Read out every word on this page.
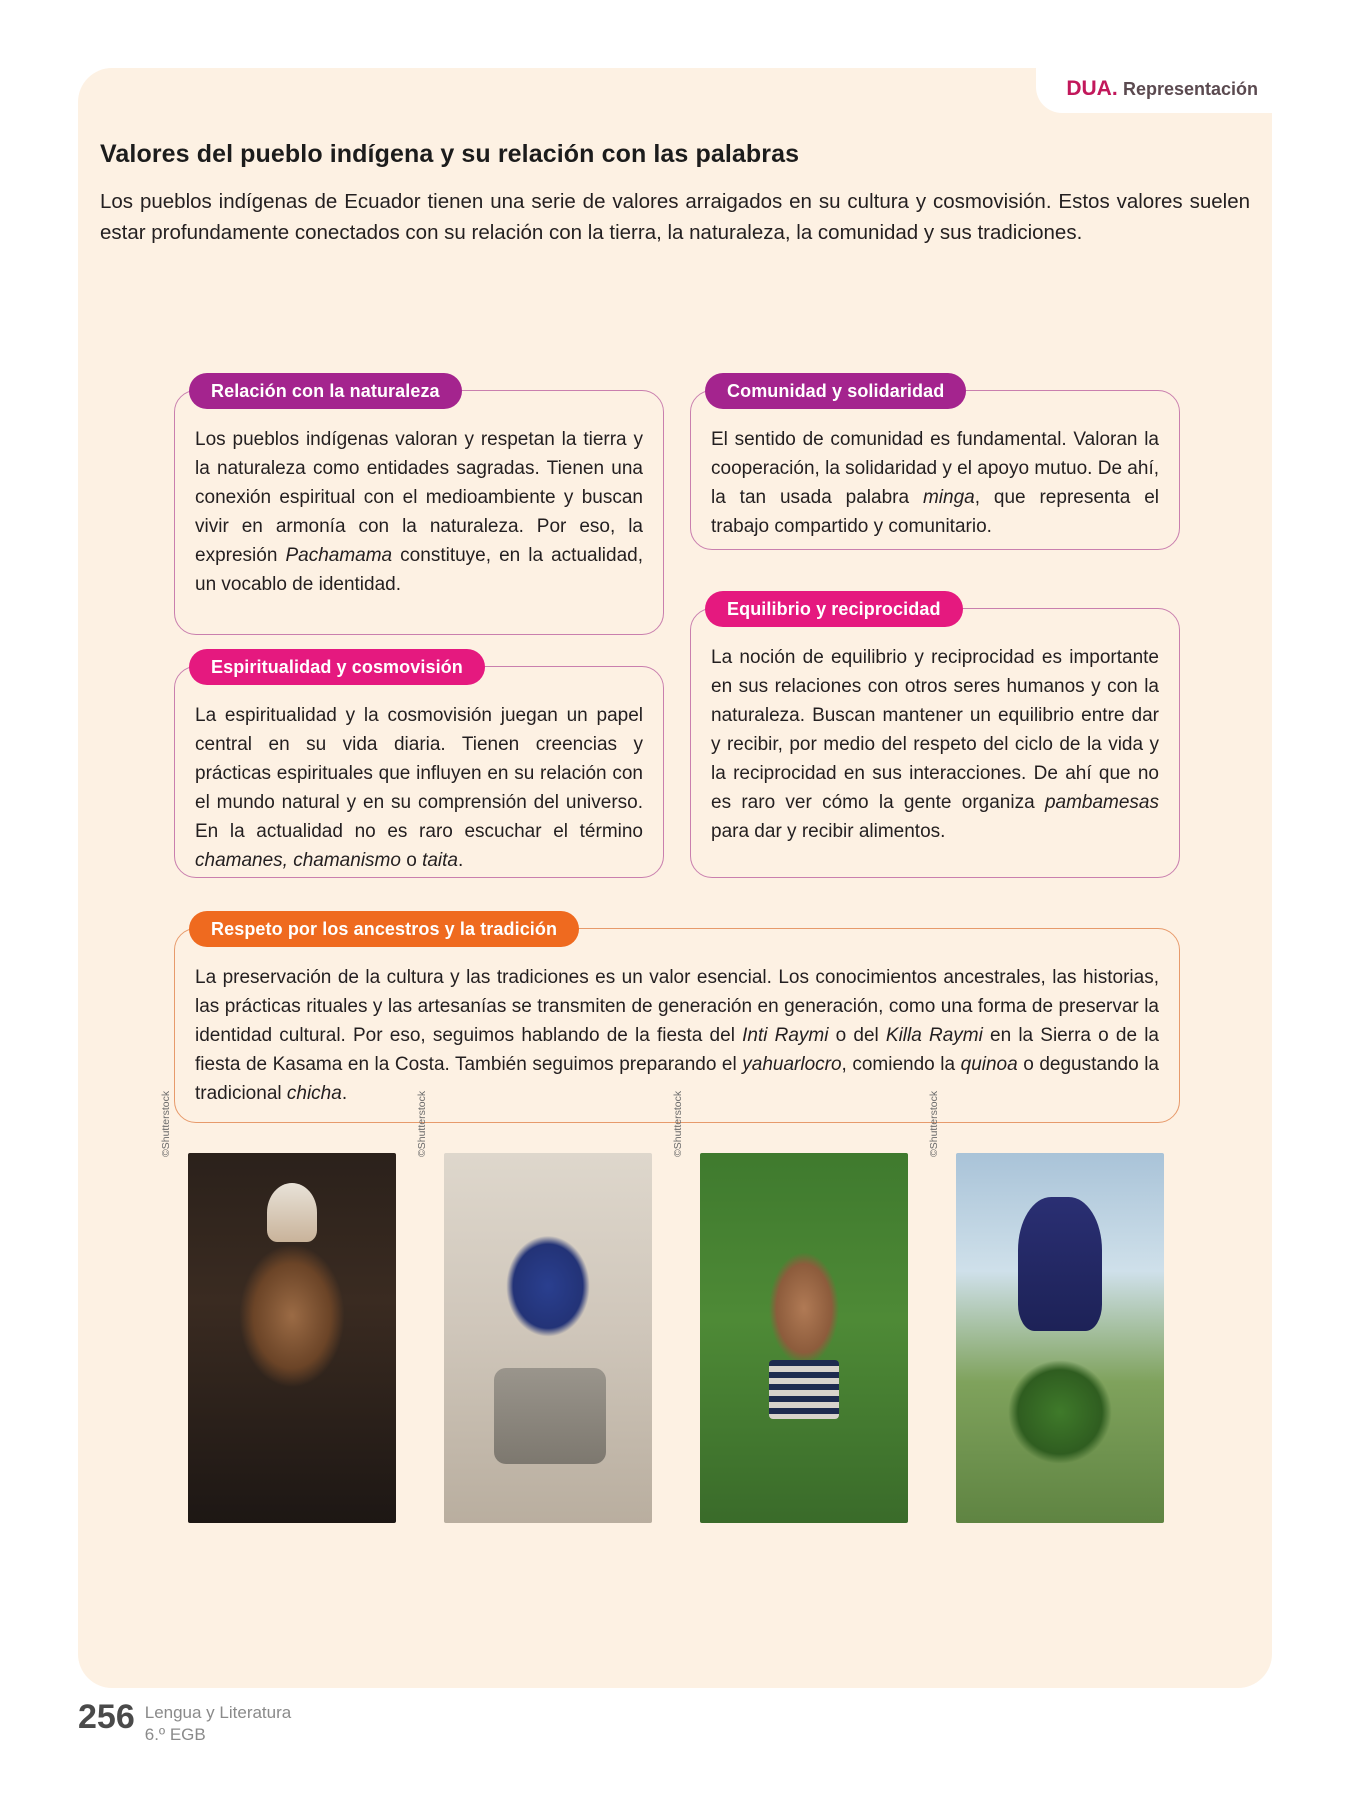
DUA. Representación
Valores del pueblo indígena y su relación con las palabras

Los pueblos indígenas de Ecuador tienen una serie de valores arraigados en su cultura y cosmovisión. Estos valores suelen estar profundamente conectados con su relación con la tierra, la naturaleza, la comunidad y sus tradiciones.

Relación con la naturaleza
Los pueblos indígenas valoran y respetan la tierra y la naturaleza como entidades sagradas. Tienen una conexión espiritual con el medioambiente y buscan vivir en armonía con la naturaleza. Por eso, la expresión Pachamama constituye, en la actualidad, un vocablo de identidad.
Comunidad y solidaridad
El sentido de comunidad es fundamental. Valoran la cooperación, la solidaridad y el apoyo mutuo. De ahí, la tan usada palabra minga, que representa el trabajo compartido y comunitario.
Espiritualidad y cosmovisión
La espiritualidad y la cosmovisión juegan un papel central en su vida diaria. Tienen creencias y prácticas espirituales que influyen en su relación con el mundo natural y en su comprensión del universo. En la actualidad no es raro escuchar el término chamanes, chamanismo o taita.
Equilibrio y reciprocidad
La noción de equilibrio y reciprocidad es importante en sus relaciones con otros seres humanos y con la naturaleza. Buscan mantener un equilibrio entre dar y recibir, por medio del respeto del ciclo de la vida y la reciprocidad en sus interacciones. De ahí que no es raro ver cómo la gente organiza pambamesas para dar y recibir alimentos.
Respeto por los ancestros y la tradición
La preservación de la cultura y las tradiciones es un valor esencial. Los conocimientos ancestrales, las historias, las prácticas rituales y las artesanías se transmiten de generación en generación, como una forma de preservar la identidad cultural. Por eso, seguimos hablando de la fiesta del Inti Raymi o del Killa Raymi en la Sierra o de la fiesta de Kasama en la Costa. También seguimos preparando el yahuarlocro, comiendo la quinoa o degustando la tradicional chicha.
©Shutterstock	©Shutterstock	©Shutterstock	©Shutterstock
256 Lengua y Literatura
6.º EGB
